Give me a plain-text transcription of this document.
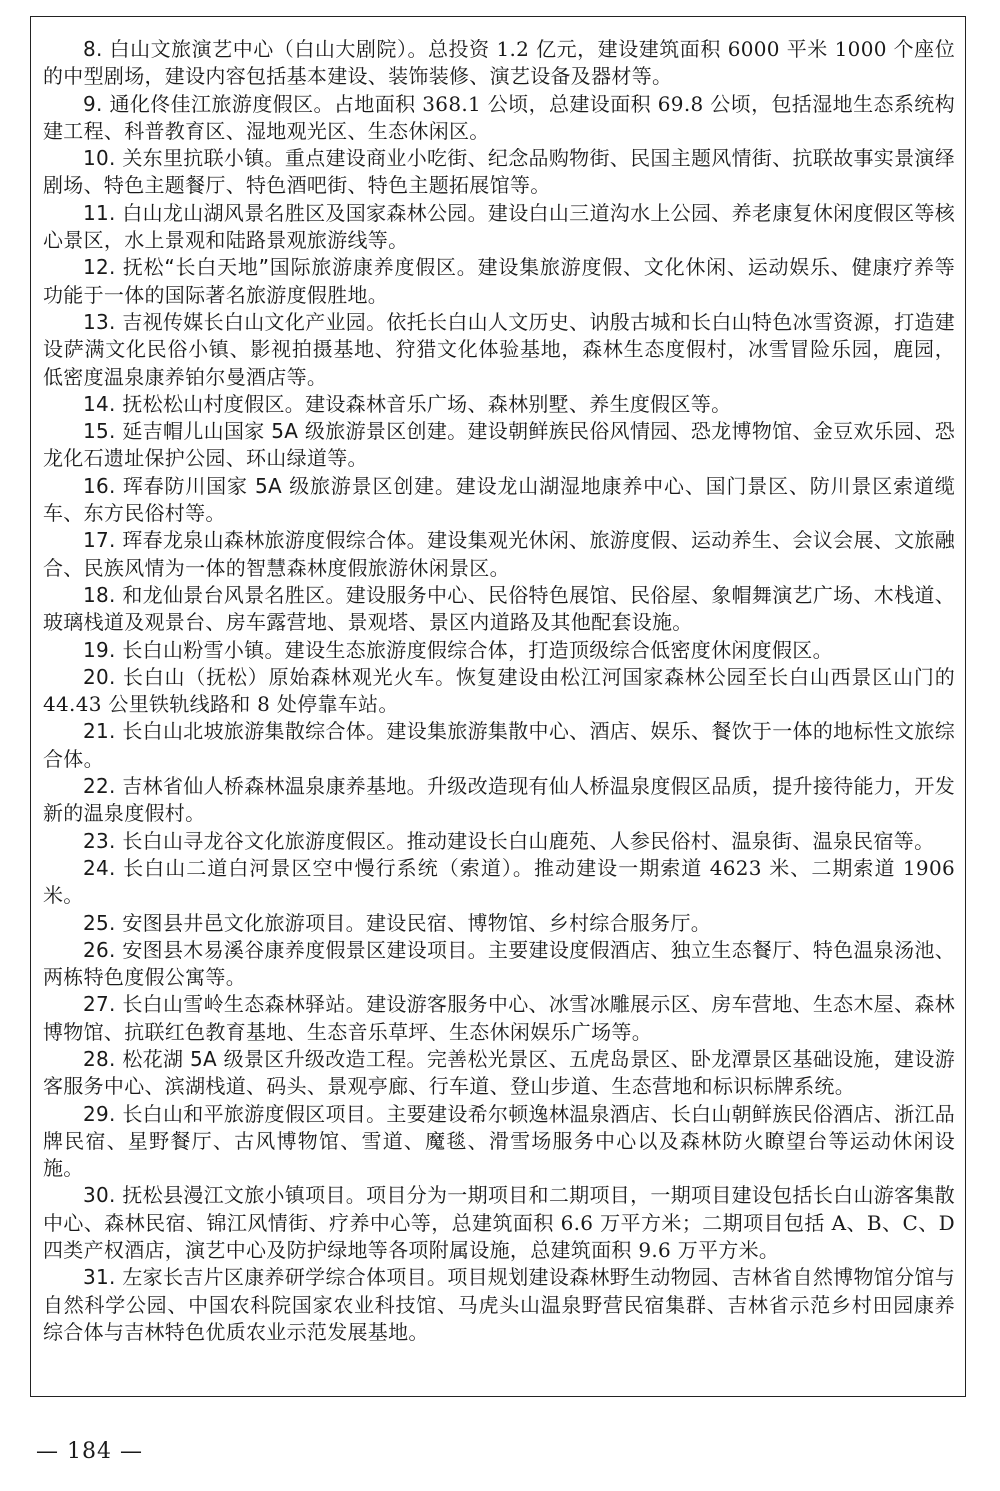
8. 白山文旅演艺中心（白山大剧院）。总投资 1.2 亿元，建设建筑面积 6000 平米 1000 个座位的中型剧场，建设内容包括基本建设、装饰装修、演艺设备及器材等。

9. 通化佟佳江旅游度假区。占地面积 368.1 公顷，总建设面积 69.8 公顷，包括湿地生态系统构建工程、科普教育区、湿地观光区、生态休闲区。

10. 关东里抗联小镇。重点建设商业小吃街、纪念品购物街、民国主题风情街、抗联故事实景演绎剧场、特色主题餐厅、特色酒吧街、特色主题拓展馆等。

11. 白山龙山湖风景名胜区及国家森林公园。建设白山三道沟水上公园、养老康复休闲度假区等核心景区，水上景观和陆路景观旅游线等。

12. 抚松“长白天地”国际旅游康养度假区。建设集旅游度假、文化休闲、运动娱乐、健康疗养等功能于一体的国际著名旅游度假胜地。

13. 吉视传媒长白山文化产业园。依托长白山人文历史、讷殷古城和长白山特色冰雪资源，打造建设萨满文化民俗小镇、影视拍摄基地、狩猎文化体验基地，森林生态度假村，冰雪冒险乐园，鹿园，低密度温泉康养铂尔曼酒店等。

14. 抚松松山村度假区。建设森林音乐广场、森林别墅、养生度假区等。

15. 延吉帽儿山国家 5A 级旅游景区创建。建设朝鲜族民俗风情园、恐龙博物馆、金豆欢乐园、恐龙化石遗址保护公园、环山绿道等。

16. 珲春防川国家 5A 级旅游景区创建。建设龙山湖湿地康养中心、国门景区、防川景区索道缆车、东方民俗村等。

17. 珲春龙泉山森林旅游度假综合体。建设集观光休闲、旅游度假、运动养生、会议会展、文旅融合、民族风情为一体的智慧森林度假旅游休闲景区。

18. 和龙仙景台风景名胜区。建设服务中心、民俗特色展馆、民俗屋、象帽舞演艺广场、木栈道、玻璃栈道及观景台、房车露营地、景观塔、景区内道路及其他配套设施。

19. 长白山粉雪小镇。建设生态旅游度假综合体，打造顶级综合低密度休闲度假区。

20. 长白山（抚松）原始森林观光火车。恢复建设由松江河国家森林公园至长白山西景区山门的 44.43 公里铁轨线路和 8 处停靠车站。

21. 长白山北坡旅游集散综合体。建设集旅游集散中心、酒店、娱乐、餐饮于一体的地标性文旅综合体。

22. 吉林省仙人桥森林温泉康养基地。升级改造现有仙人桥温泉度假区品质，提升接待能力，开发新的温泉度假村。

23. 长白山寻龙谷文化旅游度假区。推动建设长白山鹿苑、人参民俗村、温泉街、温泉民宿等。

24. 长白山二道白河景区空中慢行系统（索道）。推动建设一期索道 4623 米、二期索道 1906 米。

25. 安图县井邑文化旅游项目。建设民宿、博物馆、乡村综合服务厅。

26. 安图县木易溪谷康养度假景区建设项目。主要建设度假酒店、独立生态餐厅、特色温泉汤池、两栋特色度假公寓等。

27. 长白山雪岭生态森林驿站。建设游客服务中心、冰雪冰雕展示区、房车营地、生态木屋、森林博物馆、抗联红色教育基地、生态音乐草坪、生态休闲娱乐广场等。

28. 松花湖 5A 级景区升级改造工程。完善松光景区、五虎岛景区、卧龙潭景区基础设施，建设游客服务中心、滨湖栈道、码头、景观亭廊、行车道、登山步道、生态营地和标识标牌系统。

29. 长白山和平旅游度假区项目。主要建设希尔顿逸林温泉酒店、长白山朝鲜族民俗酒店、浙江品牌民宿、星野餐厅、古风博物馆、雪道、魔毯、滑雪场服务中心以及森林防火瞭望台等运动休闲设施。

30. 抚松县漫江文旅小镇项目。项目分为一期项目和二期项目，一期项目建设包括长白山游客集散中心、森林民宿、锦江风情街、疗养中心等，总建筑面积 6.6 万平方米；二期项目包括 A、B、C、D 四类产权酒店，演艺中心及防护绿地等各项附属设施，总建筑面积 9.6 万平方米。

31. 左家长吉片区康养研学综合体项目。项目规划建设森林野生动物园、吉林省自然博物馆分馆与自然科学公园、中国农科院国家农业科技馆、马虎头山温泉野营民宿集群、吉林省示范乡村田园康养综合体与吉林特色优质农业示范发展基地。

— 184 —
